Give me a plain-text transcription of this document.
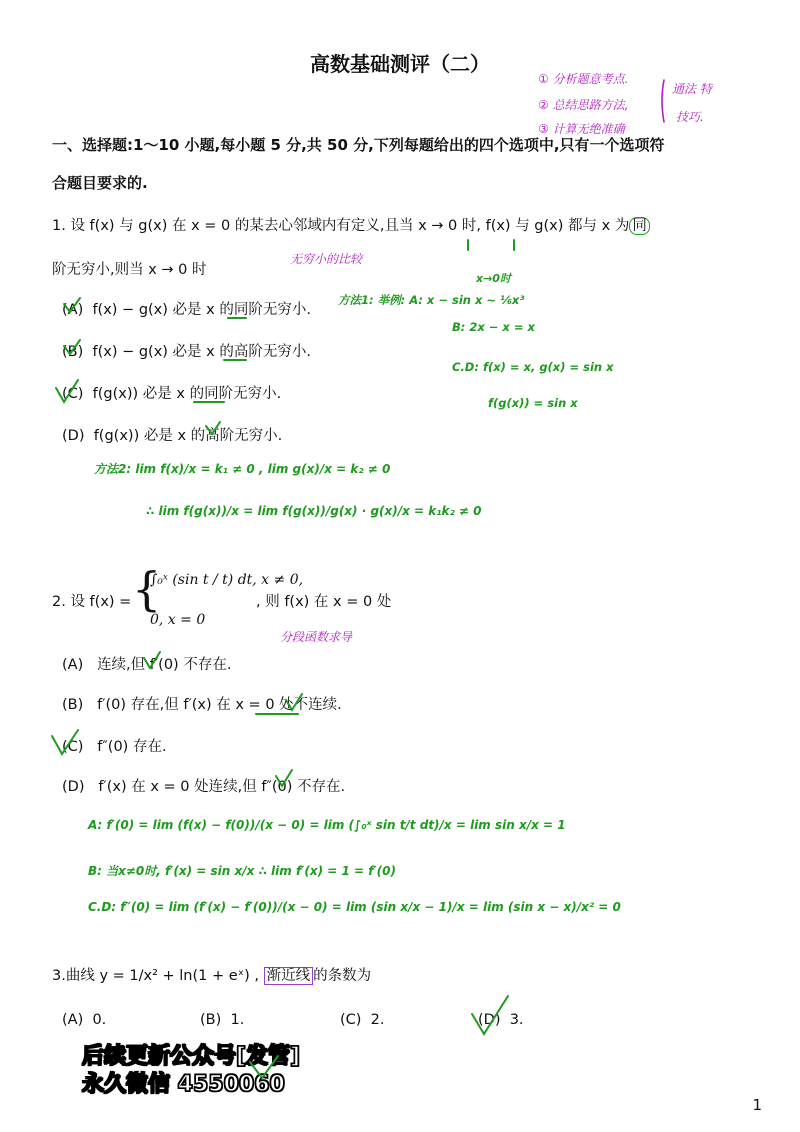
高数基础测评（二）
一、选择题:1～10 小题,每小题 5 分,共 50 分,下列每题给出的四个选项中,只有一个选项符
合题目要求的.
① 分析题意考点.
② 总结思路方法,
③ 计算无绝准确
通法 特
技巧.
1. 设 f(x) 与 g(x) 在 x = 0 的某去心邻域内有定义,且当 x → 0 时, f(x) 与 g(x) 都与 x 为 同
阶无穷小,则当 x → 0 时
无穷小的比较
(A) f(x) − g(x) 必是 x 的同阶无穷小.
(B) f(x) − g(x) 必是 x 的高阶无穷小.
(C) f(g(x)) 必是 x 的同阶无穷小.
(D) f(g(x)) 必是 x 的高阶无穷小.
x→0时
方法1: 举例: A: x − sin x ~ ⅙x³
B: 2x − x = x
C.D: f(x) = x, g(x) = sin x
f(g(x)) = sin x
方法2: lim f(x)/x = k₁ ≠ 0 , lim g(x)/x = k₂ ≠ 0
∴ lim f(g(x))/x = lim f(g(x))/g(x) · g(x)/x = k₁k₂ ≠ 0
2. 设 f(x) = {
∫₀ˣ (sin t / t) dt, x ≠ 0,
0, x = 0
, 则 f(x) 在 x = 0 处
分段函数求导
(A) 连续,但 f′(0) 不存在.
(B) f′(0) 存在,但 f′(x) 在 x = 0 处不连续.
(C) f″(0) 存在.
(D) f′(x) 在 x = 0 处连续,但 f″(0) 不存在.
A: f′(0) = lim (f(x) − f(0))/(x − 0) = lim (∫₀ˣ sin t/t dt)/x = lim sin x/x = 1
B: 当x≠0时, f′(x) = sin x/x ∴ lim f′(x) = 1 = f′(0)
C.D: f″(0) = lim (f′(x) − f′(0))/(x − 0) = lim (sin x/x − 1)/x = lim (sin x − x)/x² = 0
3.曲线 y = 1/x² + ln(1 + eˣ) , 渐近线 的条数为
(A) 0.	(B) 1.	(C) 2.	(D) 3.
后续更新公众号[发管]
永久微信 4550060
1
